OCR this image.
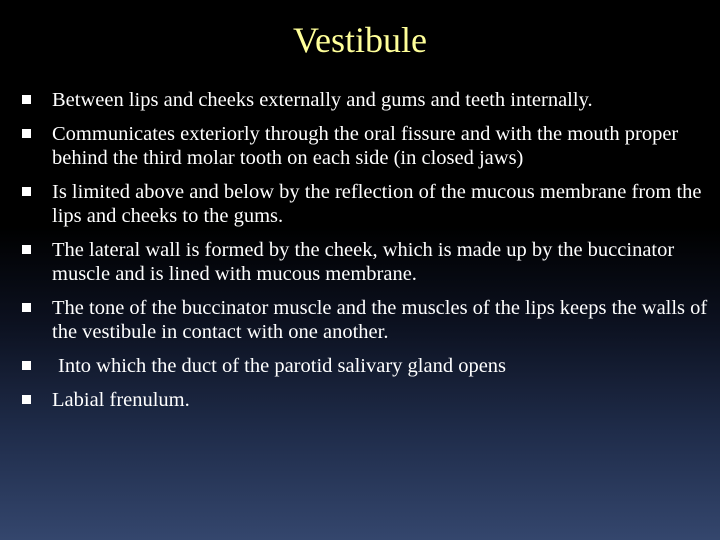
Vestibule
Between lips and cheeks externally and gums and teeth internally.
Communicates exteriorly through the oral fissure and with the mouth proper behind the third molar tooth on each side (in closed jaws)
Is limited above and below by the reflection of the mucous membrane from the lips and cheeks to the gums.
The lateral wall is formed by the cheek, which is made up by the buccinator muscle and is lined with mucous membrane.
The tone of the buccinator muscle and the muscles of the lips keeps the walls of the vestibule in contact with one another.
Into which the duct of the parotid salivary gland opens
Labial frenulum.
